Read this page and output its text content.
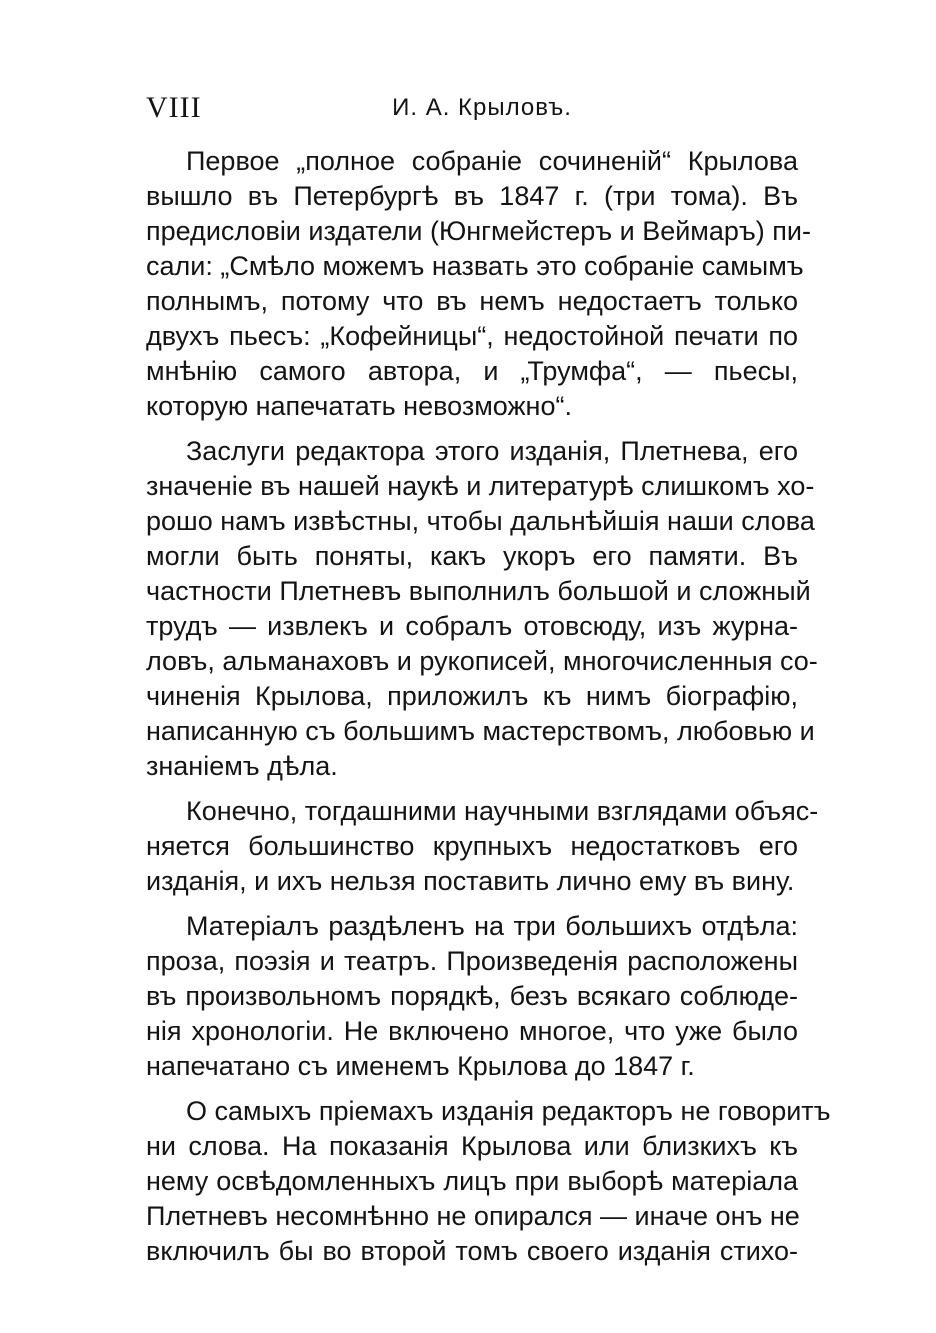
VIII	И. А. Крыловъ.
Первое „полное собраніе сочиненій“ Крылова
вышло въ Петербургѣ въ 1847 г. (три тома). Въ
предисловіи издатели (Юнгмейстеръ и Веймаръ) пи-
сали: „Смѣло можемъ назвать это собраніе самымъ
полнымъ, потому что въ немъ недостаетъ только
двухъ пьесъ: „Кофейницы“, недостойной печати по
мнѣнію самого автора, и „Трумфа“, — пьесы,
которую напечатать невозможно“.
Заслуги редактора этого изданія, Плетнева, его
значеніе въ нашей наукѣ и литературѣ слишкомъ хо-
рошо намъ извѣстны, чтобы дальнѣйшія наши слова
могли быть поняты, какъ укоръ его памяти. Въ
частности Плетневъ выполнилъ большой и сложный
трудъ — извлекъ и собралъ отовсюду, изъ журна-
ловъ, альманаховъ и рукописей, многочисленныя со-
чиненія Крылова, приложилъ къ нимъ біографію,
написанную съ большимъ мастерствомъ, любовью и
знаніемъ дѣла.
Конечно, тогдашними научными взглядами объяс-
няется большинство крупныхъ недостатковъ его
изданія, и ихъ нельзя поставить лично ему въ вину.
Матеріалъ раздѣленъ на три большихъ отдѣла:
проза, поэзія и театръ. Произведенія расположены
въ произвольномъ порядкѣ, безъ всякаго соблюде-
нія хронологіи. Не включено многое, что уже было
напечатано съ именемъ Крылова до 1847 г.
О самыхъ пріемахъ изданія редакторъ не говоритъ
ни слова. На показанія Крылова или близкихъ къ
нему освѣдомленныхъ лицъ при выборѣ матеріала
Плетневъ несомнѣнно не опирался — иначе онъ не
включилъ бы во второй томъ своего изданія стихо-
